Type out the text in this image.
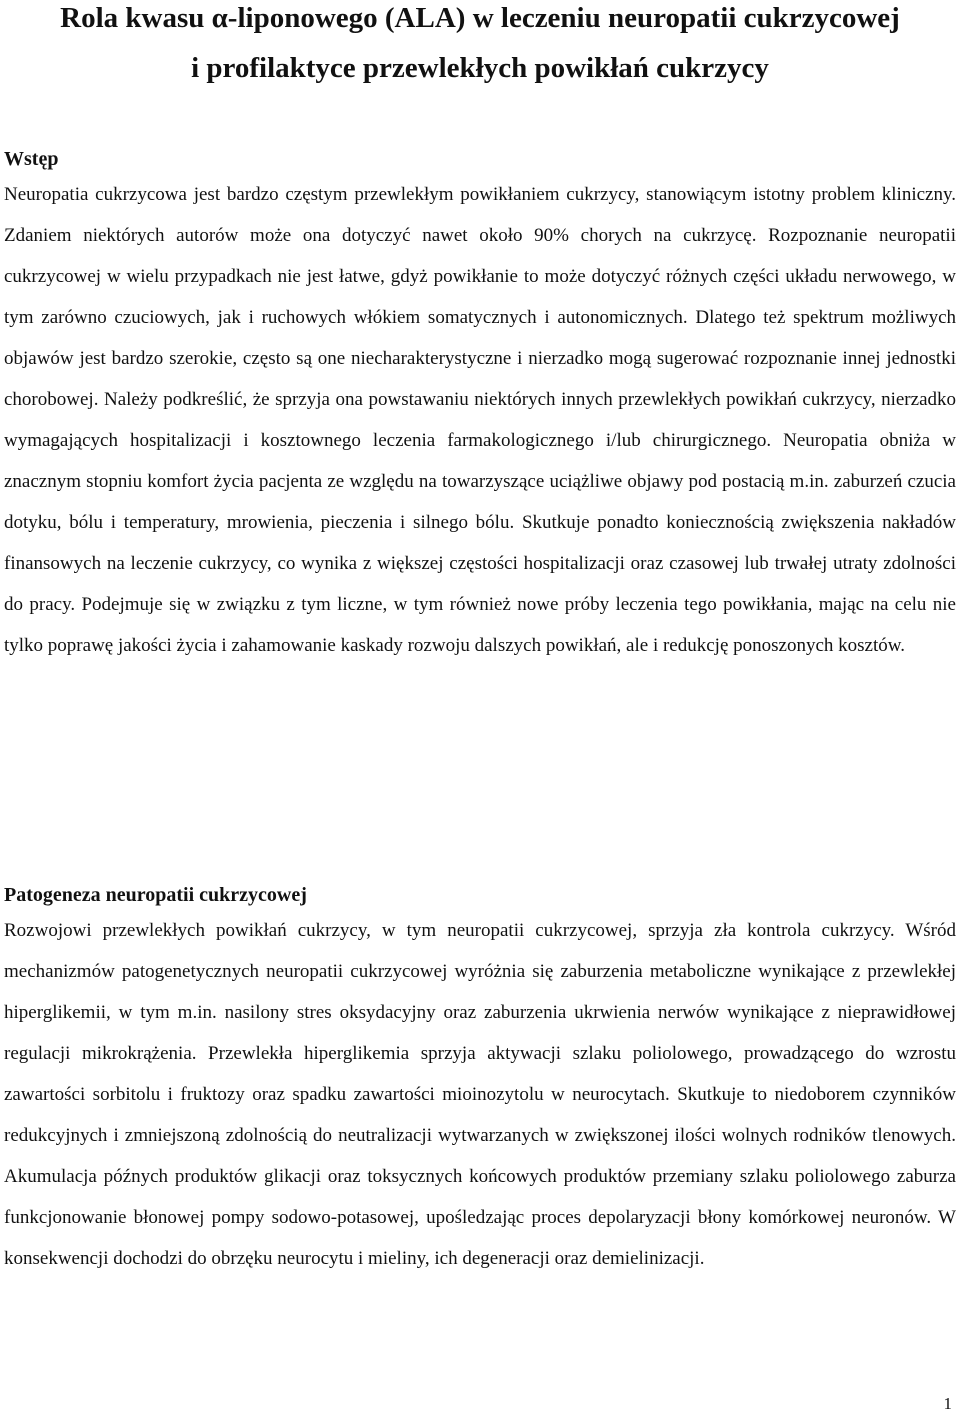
Rola kwasu α-liponowego (ALA) w leczeniu neuropatii cukrzycowej
i profilaktyce przewlekłych powikłań cukrzycy
Wstęp

Neuropatia cukrzycowa jest bardzo częstym przewlekłym powikłaniem cukrzycy, stanowiącym istotny problem kliniczny. Zdaniem niektórych autorów może ona dotyczyć nawet około 90% chorych na cukrzycę. Rozpoznanie neuropatii cukrzycowej w wielu przypadkach nie jest łatwe, gdyż powikłanie to może dotyczyć różnych części układu nerwowego, w tym zarówno czuciowych, jak i ruchowych włókiem somatycznych i autonomicznych. Dlatego też spektrum możliwych objawów jest bardzo szerokie, często są one niecharakterystyczne i nierzadko mogą sugerować rozpoznanie innej jednostki chorobowej. Należy podkreślić, że sprzyja ona powstawaniu niektórych innych przewlekłych powikłań cukrzycy, nierzadko wymagających hospitalizacji i kosztownego leczenia farmakologicznego i/lub chirurgicznego. Neuropatia obniża w znacznym stopniu komfort życia pacjenta ze względu na towarzyszące uciążliwe objawy pod postacią m.in. zaburzeń czucia dotyku, bólu i temperatury, mrowienia, pieczenia i silnego bólu. Skutkuje ponadto koniecznością zwiększenia nakładów finansowych na leczenie cukrzycy, co wynika z większej częstości hospitalizacji oraz czasowej lub trwałej utraty zdolności do pracy. Podejmuje się w związku z tym liczne, w tym również nowe próby leczenia tego powikłania, mając na celu nie tylko poprawę jakości życia i zahamowanie kaskady rozwoju dalszych powikłań, ale i redukcję ponoszonych kosztów.

Patogeneza neuropatii cukrzycowej

Rozwojowi przewlekłych powikłań cukrzycy, w tym neuropatii cukrzycowej, sprzyja zła kontrola cukrzycy. Wśród mechanizmów patogenetycznych neuropatii cukrzycowej wyróżnia się zaburzenia metaboliczne wynikające z przewlekłej hiperglikemii, w tym m.in. nasilony stres oksydacyjny oraz zaburzenia ukrwienia nerwów wynikające z nieprawidłowej regulacji mikrokrążenia. Przewlekła hiperglikemia sprzyja aktywacji szlaku poliolowego, prowadzącego do wzrostu zawartości sorbitolu i fruktozy oraz spadku zawartości mioinozytolu w neurocytach. Skutkuje to niedoborem czynników redukcyjnych i zmniejszoną zdolnością do neutralizacji wytwarzanych w zwiększonej ilości wolnych rodników tlenowych. Akumulacja późnych produktów glikacji oraz toksycznych końcowych produktów przemiany szlaku poliolowego zaburza funkcjonowanie błonowej pompy sodowo-potasowej, upośledzając proces depolaryzacji błony komórkowej neuronów. W konsekwencji dochodzi do obrzęku neurocytu i mieliny, ich degeneracji oraz demielinizacji.

1
